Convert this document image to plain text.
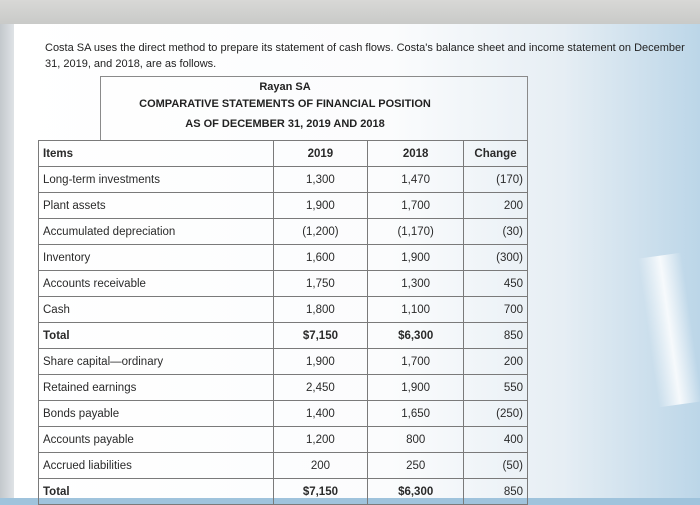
Costa SA uses the direct method to prepare its statement of cash flows. Costa's balance sheet and income statement on December 31, 2019, and 2018, are as follows.
Rayan SA
COMPARATIVE STATEMENTS OF FINANCIAL POSITION
AS OF DECEMBER 31, 2019 AND 2018
Items	2019	2018	Change
Long-term investments	1,300	1,470	(170)
Plant assets	1,900	1,700	200
Accumulated depreciation	(1,200)	(1,170)	(30)
Inventory	1,600	1,900	(300)
Accounts receivable	1,750	1,300	450
Cash	1,800	1,100	700
Total	$7,150	$6,300	850
Share capital—ordinary	1,900	1,700	200
Retained earnings	2,450	1,900	550
Bonds payable	1,400	1,650	(250)
Accounts payable	1,200	800	400
Accrued liabilities	200	250	(50)
Total	$7,150	$6,300	850
